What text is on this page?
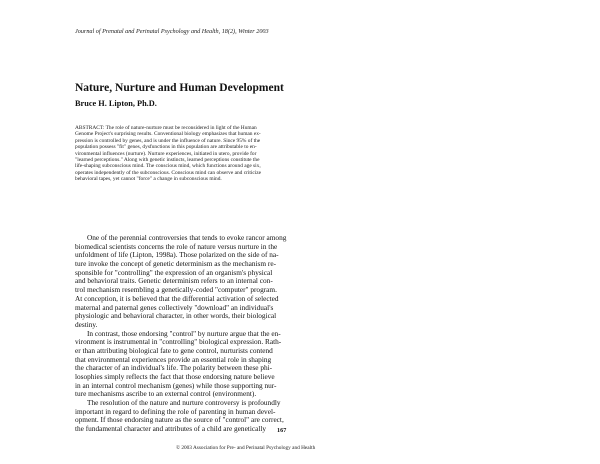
Journal of Prenatal and Perinatal Psychology and Health, 18(2), Winter 2003
Nature, Nurture and Human Development
Bruce H. Lipton, Ph.D.
ABSTRACT: The role of nature-nurture must be reconsidered in light of the Human
Genome Project's surprising results. Conventional biology emphasizes that human ex-
pression is controlled by genes, and is under the influence of nature. Since 95% of the
population possess "fit" genes, dysfunctions in this population are attributable to en-
vironmental influences (nurture). Nurture experiences, initiated in utero, provide for
"learned perceptions." Along with genetic instincts, learned perceptions constitute the
life-shaping subconscious mind. The conscious mind, which functions around age six,
operates independently of the subconscious. Conscious mind can observe and criticize
behavioral tapes, yet cannot "force" a change in subconscious mind.
One of the perennial controversies that tends to evoke rancor among
biomedical scientists concerns the role of nature versus nurture in the
unfoldment of life (Lipton, 1998a). Those polarized on the side of na-
ture invoke the concept of genetic determinism as the mechanism re-
sponsible for "controlling" the expression of an organism's physical
and behavioral traits. Genetic determinism refers to an internal con-
trol mechanism resembling a genetically-coded "computer" program.
At conception, it is believed that the differential activation of selected
maternal and paternal genes collectively "download" an individual's
physiologic and behavioral character, in other words, their biological
destiny.
In contrast, those endorsing "control" by nurture argue that the en-
vironment is instrumental in "controlling" biological expression. Rath-
er than attributing biological fate to gene control, nurturists contend
that environmental experiences provide an essential role in shaping
the character of an individual's life. The polarity between these phi-
losophies simply reflects the fact that those endorsing nature believe
in an internal control mechanism (genes) while those supporting nur-
ture mechanisms ascribe to an external control (environment).
The resolution of the nature and nurture controversy is profoundly
important in regard to defining the role of parenting in human devel-
opment. If those endorsing nature as the source of "control" are correct,
the fundamental character and attributes of a child are genetically	167
© 2003 Association for Pre- and Perinatal Psychology and Health
